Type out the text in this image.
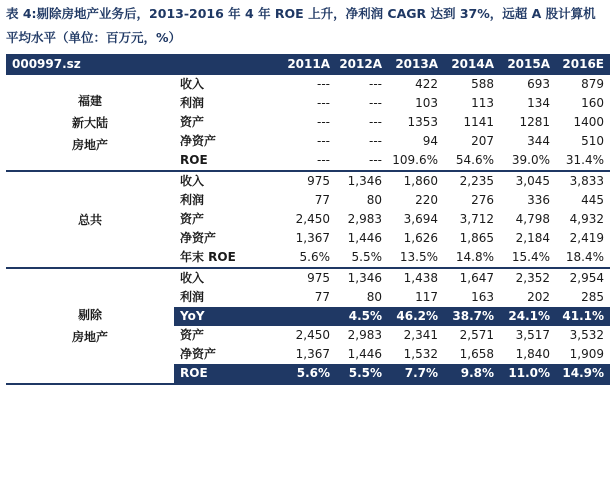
表 4:剔除房地产业务后，2013-2016 年 4 年 ROE 上升，净利润 CAGR 达到 37%，远超 A 股计算机平均水平（单位：百万元，%）
000997.sz		2011A	2012A	2013A	2014A	2015A	2016E

福建
新大陆
房地产	收入	---	---	422	588	693	879
	利润	---	---	103	113	134	160
	资产	---	---	1353	1141	1281	1400
	净资产	---	---	94	207	344	510
	ROE	---	---	109.6%	54.6%	39.0%	31.4%

总共	收入	975	1,346	1,860	2,235	3,045	3,833
	利润	77	80	220	276	336	445
	资产	2,450	2,983	3,694	3,712	4,798	4,932
	净资产	1,367	1,446	1,626	1,865	2,184	2,419
	年末 ROE	5.6%	5.5%	13.5%	14.8%	15.4%	18.4%

剔除
房地产	收入	975	1,346	1,438	1,647	2,352	2,954
	利润	77	80	117	163	202	285
	YoY		4.5%	46.2%	38.7%	24.1%	41.1%
	资产	2,450	2,983	2,341	2,571	3,517	3,532
	净资产	1,367	1,446	1,532	1,658	1,840	1,909
	ROE	5.6%	5.5%	7.7%	9.8%	11.0%	14.9%
